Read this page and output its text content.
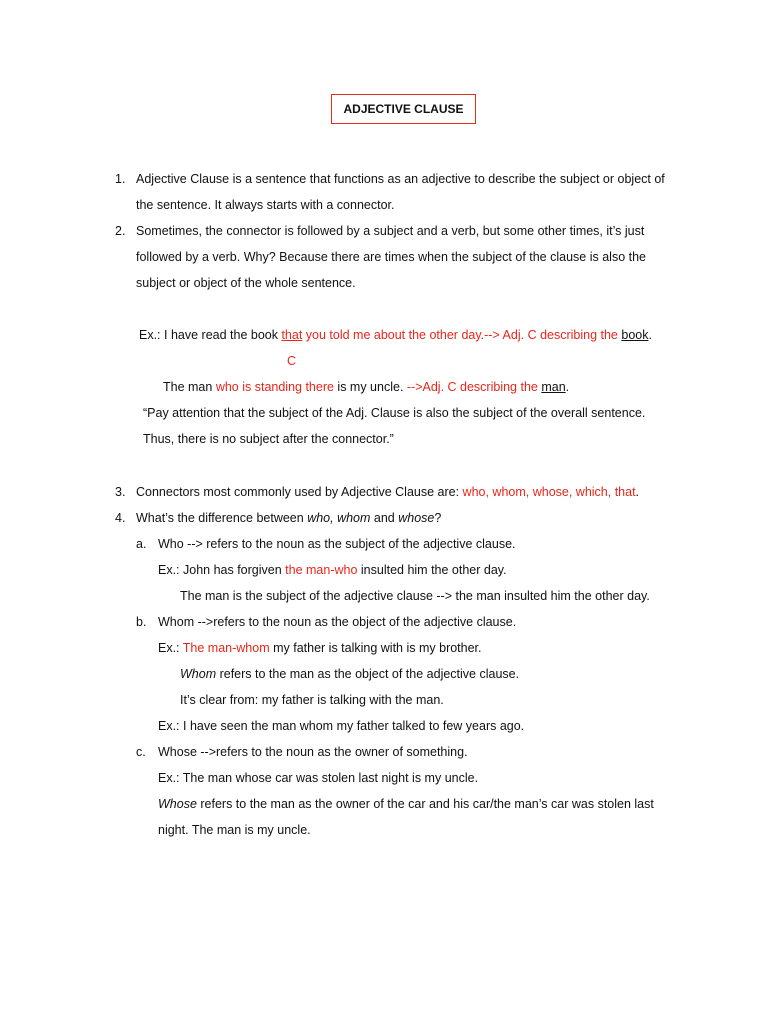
ADJECTIVE CLAUSE
1. Adjective Clause is a sentence that functions as an adjective to describe the subject or object of
the sentence. It always starts with a connector.
2. Sometimes, the connector is followed by a subject and a verb, but some other times, it’s just
followed by a verb. Why? Because there are times when the subject of the clause is also the
subject or object of the whole sentence.
Ex.: I have read the book that you told me about the other day.--> Adj. C describing the book.
C
The man who is standing there is my uncle. -->Adj. C describing the man.
“Pay attention that the subject of the Adj. Clause is also the subject of the overall sentence.
Thus, there is no subject after the connector.”
3. Connectors most commonly used by Adjective Clause are: who, whom, whose, which, that.
4. What’s the difference between who, whom and whose?
a. Who --> refers to the noun as the subject of the adjective clause.
Ex.: John has forgiven the man-who insulted him the other day.
The man is the subject of the adjective clause --> the man insulted him the other day.
b. Whom -->refers to the noun as the object of the adjective clause.
Ex.: The man-whom my father is talking with is my brother.
Whom refers to the man as the object of the adjective clause.
It’s clear from: my father is talking with the man.
Ex.: I have seen the man whom my father talked to few years ago.
c. Whose -->refers to the noun as the owner of something.
Ex.: The man whose car was stolen last night is my uncle.
Whose refers to the man as the owner of the car and his car/the man’s car was stolen last
night. The man is my uncle.
